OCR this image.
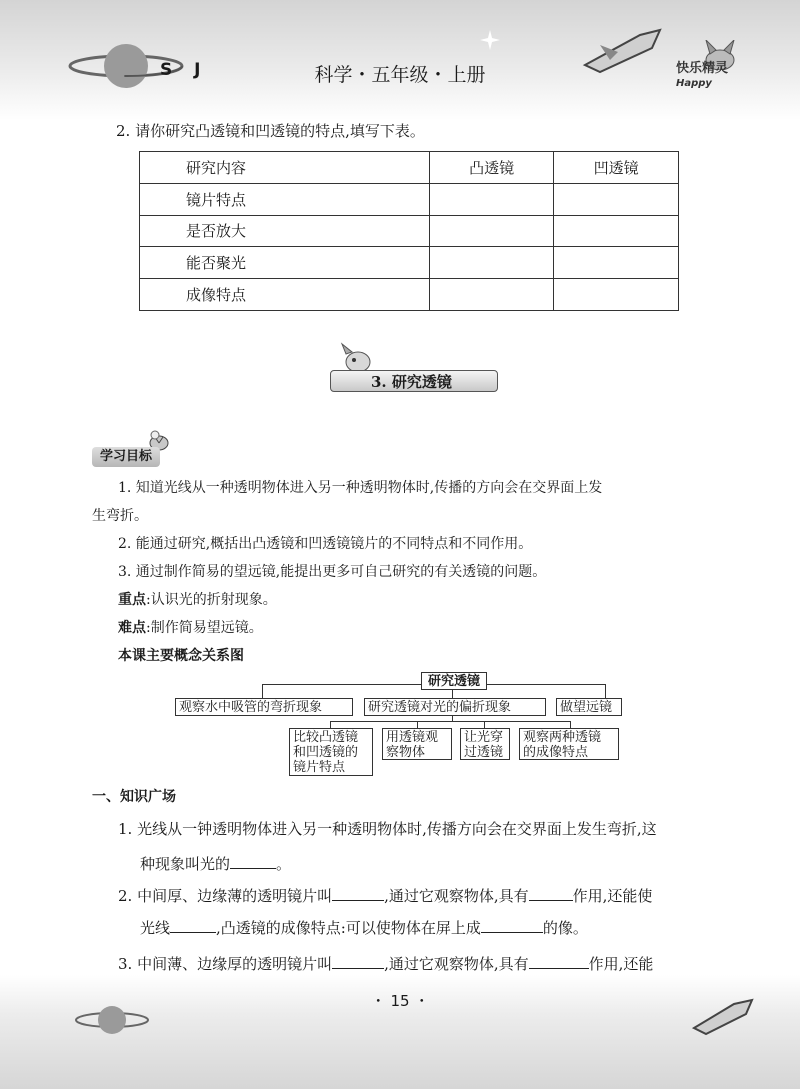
S J	科学・五年级・上册	快乐精灵
Happy
2. 请你研究凸透镜和凹透镜的特点,填写下表。
研究内容	凸透镜	凹透镜
镜片特点		
是否放大		
能否聚光		
成像特点		
3. 研究透镜
学习目标
1. 知道光线从一种透明物体进入另一种透明物体时,传播的方向会在交界面上发
生弯折。
2. 能通过研究,概括出凸透镜和凹透镜镜片的不同特点和不同作用。
3. 通过制作简易的望远镜,能提出更多可自己研究的有关透镜的问题。
重点:认识光的折射现象。
难点:制作简易望远镜。
本课主要概念关系图
研究透镜
观察水中吸管的弯折现象	研究透镜对光的偏折现象	做望远镜
比较凸透镜
和凹透镜的
镜片特点
用透镜观
察物体
让光穿
过透镜
观察两种透镜
的成像特点
一、知识广场
1. 光线从一钟透明物体进入另一种透明物体时,传播方向会在交界面上发生弯折,这
种现象叫光的	。
2. 中间厚、边缘薄的透明镜片叫	,通过它观察物体,具有	作用,还能使
光线	,凸透镜的成像特点:可以使物体在屏上成	的像。
3. 中间薄、边缘厚的透明镜片叫	,通过它观察物体,具有	作用,还能
・ 15 ・
